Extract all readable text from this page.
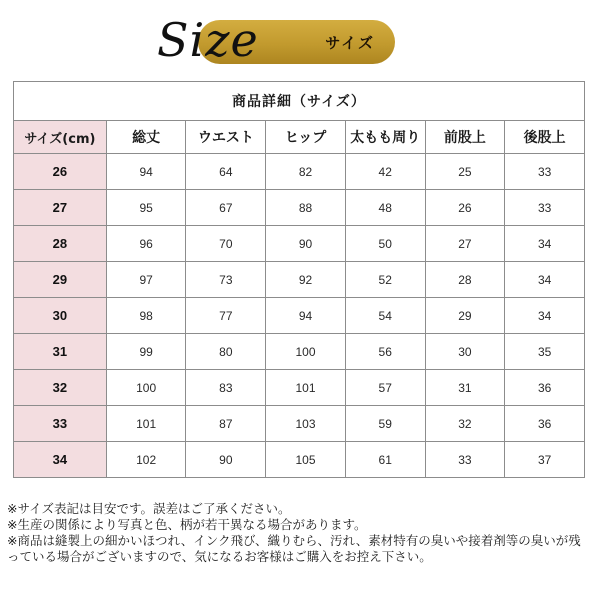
サイズ
Size
商品詳細（サイズ）						
サイズ(cm)	総丈	ウエスト	ヒップ	太もも周り	前股上	後股上
26	94	64	82	42	25	33
27	95	67	88	48	26	33
28	96	70	90	50	27	34
29	97	73	92	52	28	34
30	98	77	94	54	29	34
31	99	80	100	56	30	35
32	100	83	101	57	31	36
33	101	87	103	59	32	36
34	102	90	105	61	33	37

※サイズ表記は目安です。誤差はご了承ください。

※生産の関係により写真と色、柄が若干異なる場合があります。

※商品は縫製上の細かいほつれ、インク飛び、織りむら、汚れ、素材特有の臭いや接着剤等の臭いが残っている場合がございますので、気になるお客様はご購入をお控え下さい。
